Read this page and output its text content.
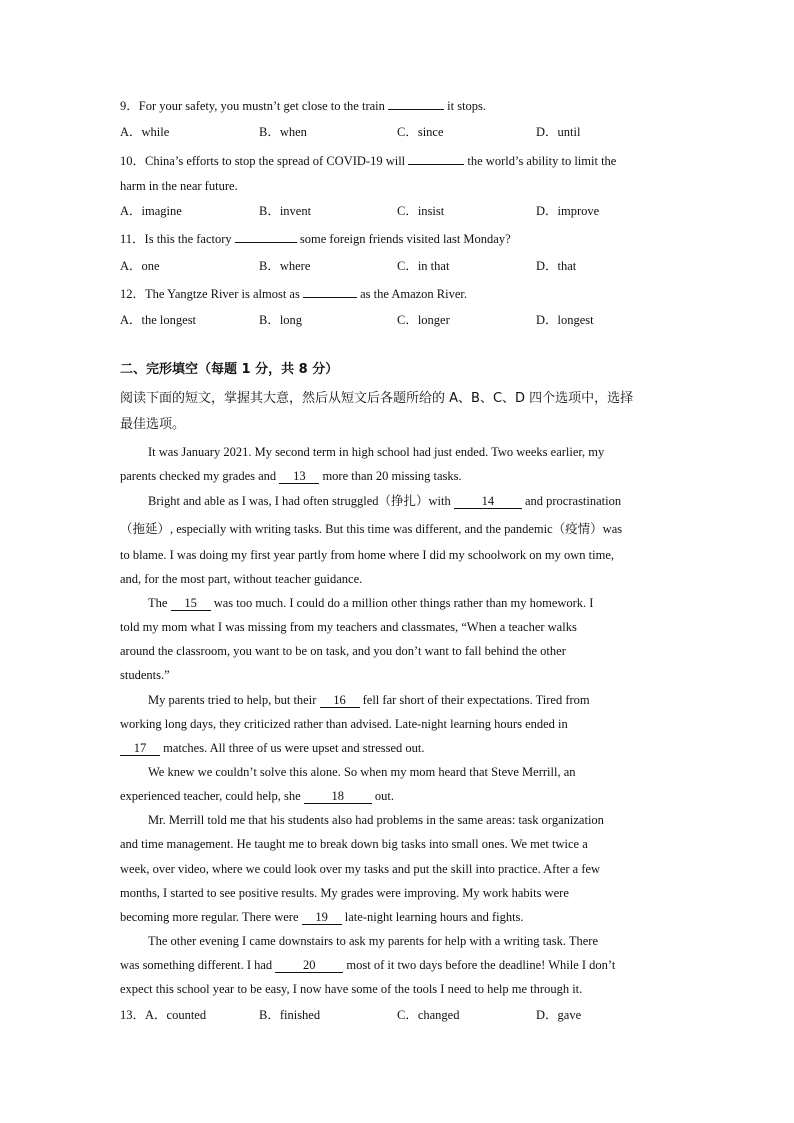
9．For your safety, you mustn’t get close to the train	it stops.
A．while	B．when	C．since	D．until
10．China’s efforts to stop the spread of COVID-19 will	the world’s ability to limit the
harm in the near future.
A．imagine	B．invent	C．insist	D．improve
11．Is this the factory	some foreign friends visited last Monday?
A．one	B．where	C．in that	D．that
12．The Yangtze River is almost as	as the Amazon River.
A．the longest	B．long	C．longer	D．longest
二、完形填空（每题 1 分，共 8 分）
阅读下面的短文，掌握其大意，然后从短文后各题所给的 A、B、C、D 四个选项中，选择
最佳选项。
It was January 2021. My second term in high school had just ended. Two weeks earlier, my
parents checked my grades and 13 more than 20 missing tasks.
Bright and able as I was, I had often struggled（挣扎）with 14 and procrastination
（拖延）, especially with writing tasks. But this time was different, and the pandemic（疫情）was
to blame. I was doing my first year partly from home where I did my schoolwork on my own time,
and, for the most part, without teacher guidance.
The 15 was too much. I could do a million other things rather than my homework. I
told my mom what I was missing from my teachers and classmates, “When a teacher walks
around the classroom, you want to be on task, and you don’t want to fall behind the other
students.”
My parents tried to help, but their 16 fell far short of their expectations. Tired from
working long days, they criticized rather than advised. Late-night learning hours ended in
17 matches. All three of us were upset and stressed out.
We knew we couldn’t solve this alone. So when my mom heard that Steve Merrill, an
experienced teacher, could help, she 18 out.
Mr. Merrill told me that his students also had problems in the same areas: task organization
and time management. He taught me to break down big tasks into small ones. We met twice a
week, over video, where we could look over my tasks and put the skill into practice. After a few
months, I started to see positive results. My grades were improving. My work habits were
becoming more regular. There were 19 late-night learning hours and fights.
The other evening I came downstairs to ask my parents for help with a writing task. There
was something different. I had 20 most of it two days before the deadline! While I don’t
expect this school year to be easy, I now have some of the tools I need to help me through it.
13．A．counted	B．finished	C．changed	D．gave
